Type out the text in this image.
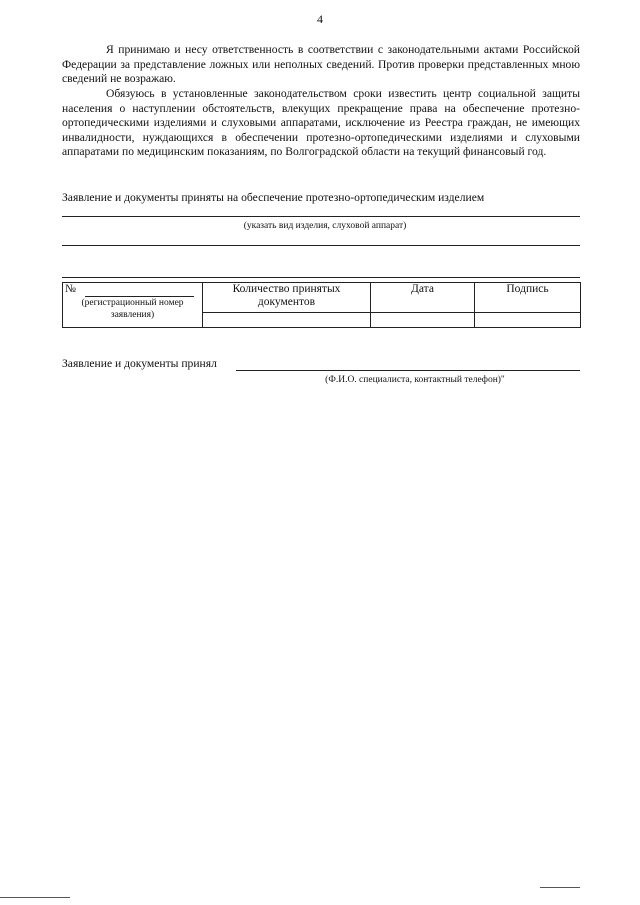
4

Я принимаю и несу ответственность в соответствии с законодательными актами Российской Федерации за представление ложных или неполных сведений. Против проверки представленных мною сведений не возражаю.

Обязуюсь в установленные законодательством сроки известить центр социальной защиты населения о наступлении обстоятельств, влекущих прекращение права на обеспечение протезно-ортопедическими изделиями и слуховыми аппаратами, исключение из Реестра граждан, не имеющих инвалидности, нуждающихся в обеспечении протезно-ортопедическими изделиями и слуховыми аппаратами по медицинским показаниям, по Волгоградской области на текущий финансовый год.

Заявление и документы приняты на обеспечение протезно-ортопедическим изделием
(указать вид изделия, слуховой аппарат)
№
(регистрационный номер заявления)	Количество принятых документов	Дата	Подпись

Заявление и документы принял
(Ф.И.О. специалиста, контактный телефон)"
